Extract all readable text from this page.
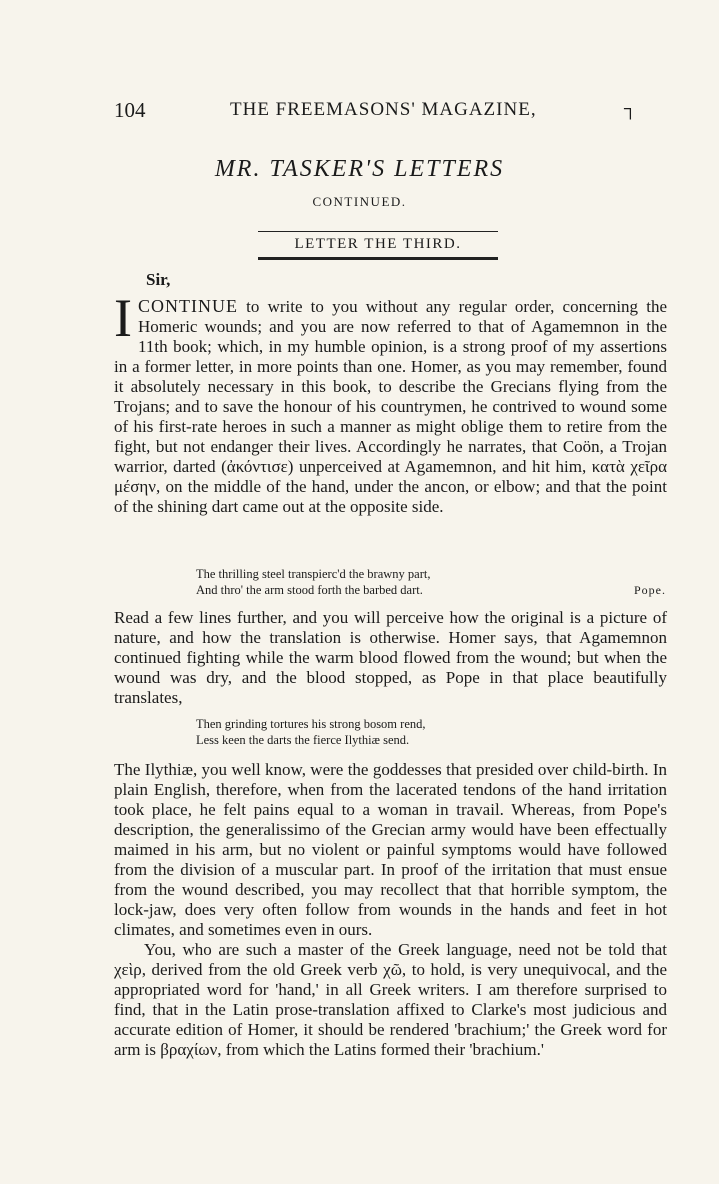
104	THE FREEMASONS' MAGAZINE,	┐
MR. TASKER'S LETTERS
CONTINUED.
LETTER THE THIRD.
Sir,

I CONTINUE to write to you without any regular order, concerning the Homeric wounds; and you are now referred to that of Agamemnon in the 11th book; which, in my humble opinion, is a strong proof of my assertions in a former letter, in more points than one. Homer, as you may remember, found it absolutely necessary in this book, to describe the Grecians flying from the Trojans; and to save the honour of his countrymen, he contrived to wound some of his first-rate heroes in such a manner as might oblige them to retire from the fight, but not endanger their lives. Accordingly he narrates, that Coön, a Trojan warrior, darted (ἀκόντισε) unperceived at Agamemnon, and hit him, κατὰ χεῖρα μέσην, on the middle of the hand, under the ancon, or elbow; and that the point of the shining dart came out at the opposite side.

The thrilling steel transpierc'd the brawny part,
And thro' the arm stood forth the barbed dart.	Pope.

Read a few lines further, and you will perceive how the original is a picture of nature, and how the translation is otherwise. Homer says, that Agamemnon continued fighting while the warm blood flowed from the wound; but when the wound was dry, and the blood stopped, as Pope in that place beautifully translates,

Then grinding tortures his strong bosom rend,
Less keen the darts the fierce Ilythiæ send.

The Ilythiæ, you well know, were the goddesses that presided over child-birth. In plain English, therefore, when from the lacerated tendons of the hand irritation took place, he felt pains equal to a woman in travail. Whereas, from Pope's description, the generalissimo of the Grecian army would have been effectually maimed in his arm, but no violent or painful symptoms would have followed from the division of a muscular part. In proof of the irritation that must ensue from the wound described, you may recollect that that horrible symptom, the lock-jaw, does very often follow from wounds in the hands and feet in hot climates, and sometimes even in ours.

You, who are such a master of the Greek language, need not be told that χεὶρ, derived from the old Greek verb χῶ, to hold, is very unequivocal, and the appropriated word for 'hand,' in all Greek writers. I am therefore surprised to find, that in the Latin prose-translation affixed to Clarke's most judicious and accurate edition of Homer, it should be rendered 'brachium;' the Greek word for arm is βραχίων, from which the Latins formed their 'brachium.'
